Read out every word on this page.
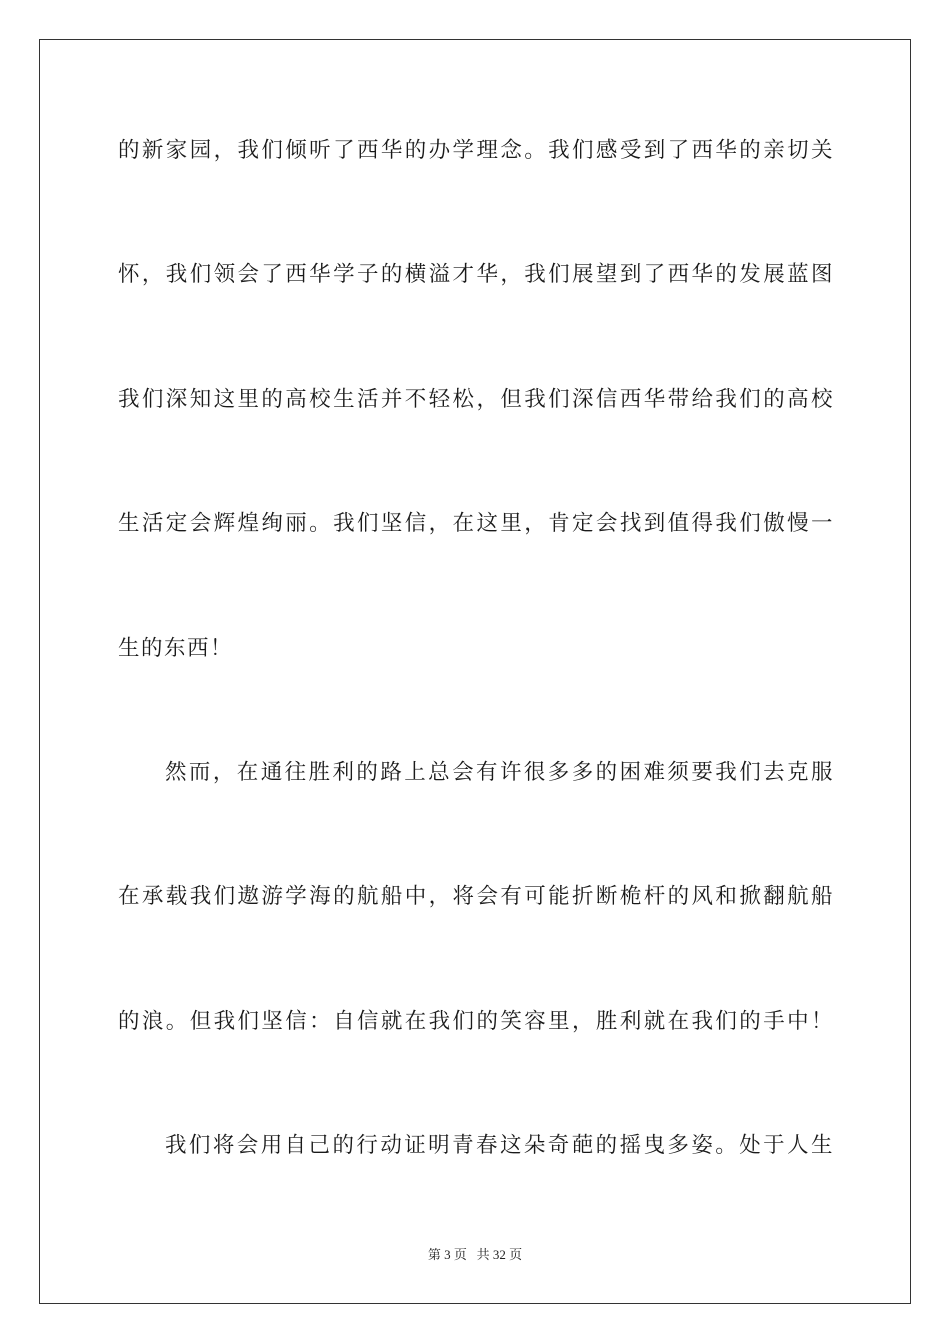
的新家园，我们倾听了西华的办学理念。我们感受到了西华的亲切关
怀，我们领会了西华学子的横溢才华，我们展望到了西华的发展蓝图
我们深知这里的高校生活并不轻松，但我们深信西华带给我们的高校
生活定会辉煌绚丽。我们坚信，在这里，肯定会找到值得我们傲慢一
生的东西！
然而，在通往胜利的路上总会有许很多多的困难须要我们去克服
在承载我们遨游学海的航船中，将会有可能折断桅杆的风和掀翻航船
的浪。但我们坚信：自信就在我们的笑容里，胜利就在我们的手中！
我们将会用自己的行动证明青春这朵奇葩的摇曳多姿。处于人生
第 3 页 共 32 页
